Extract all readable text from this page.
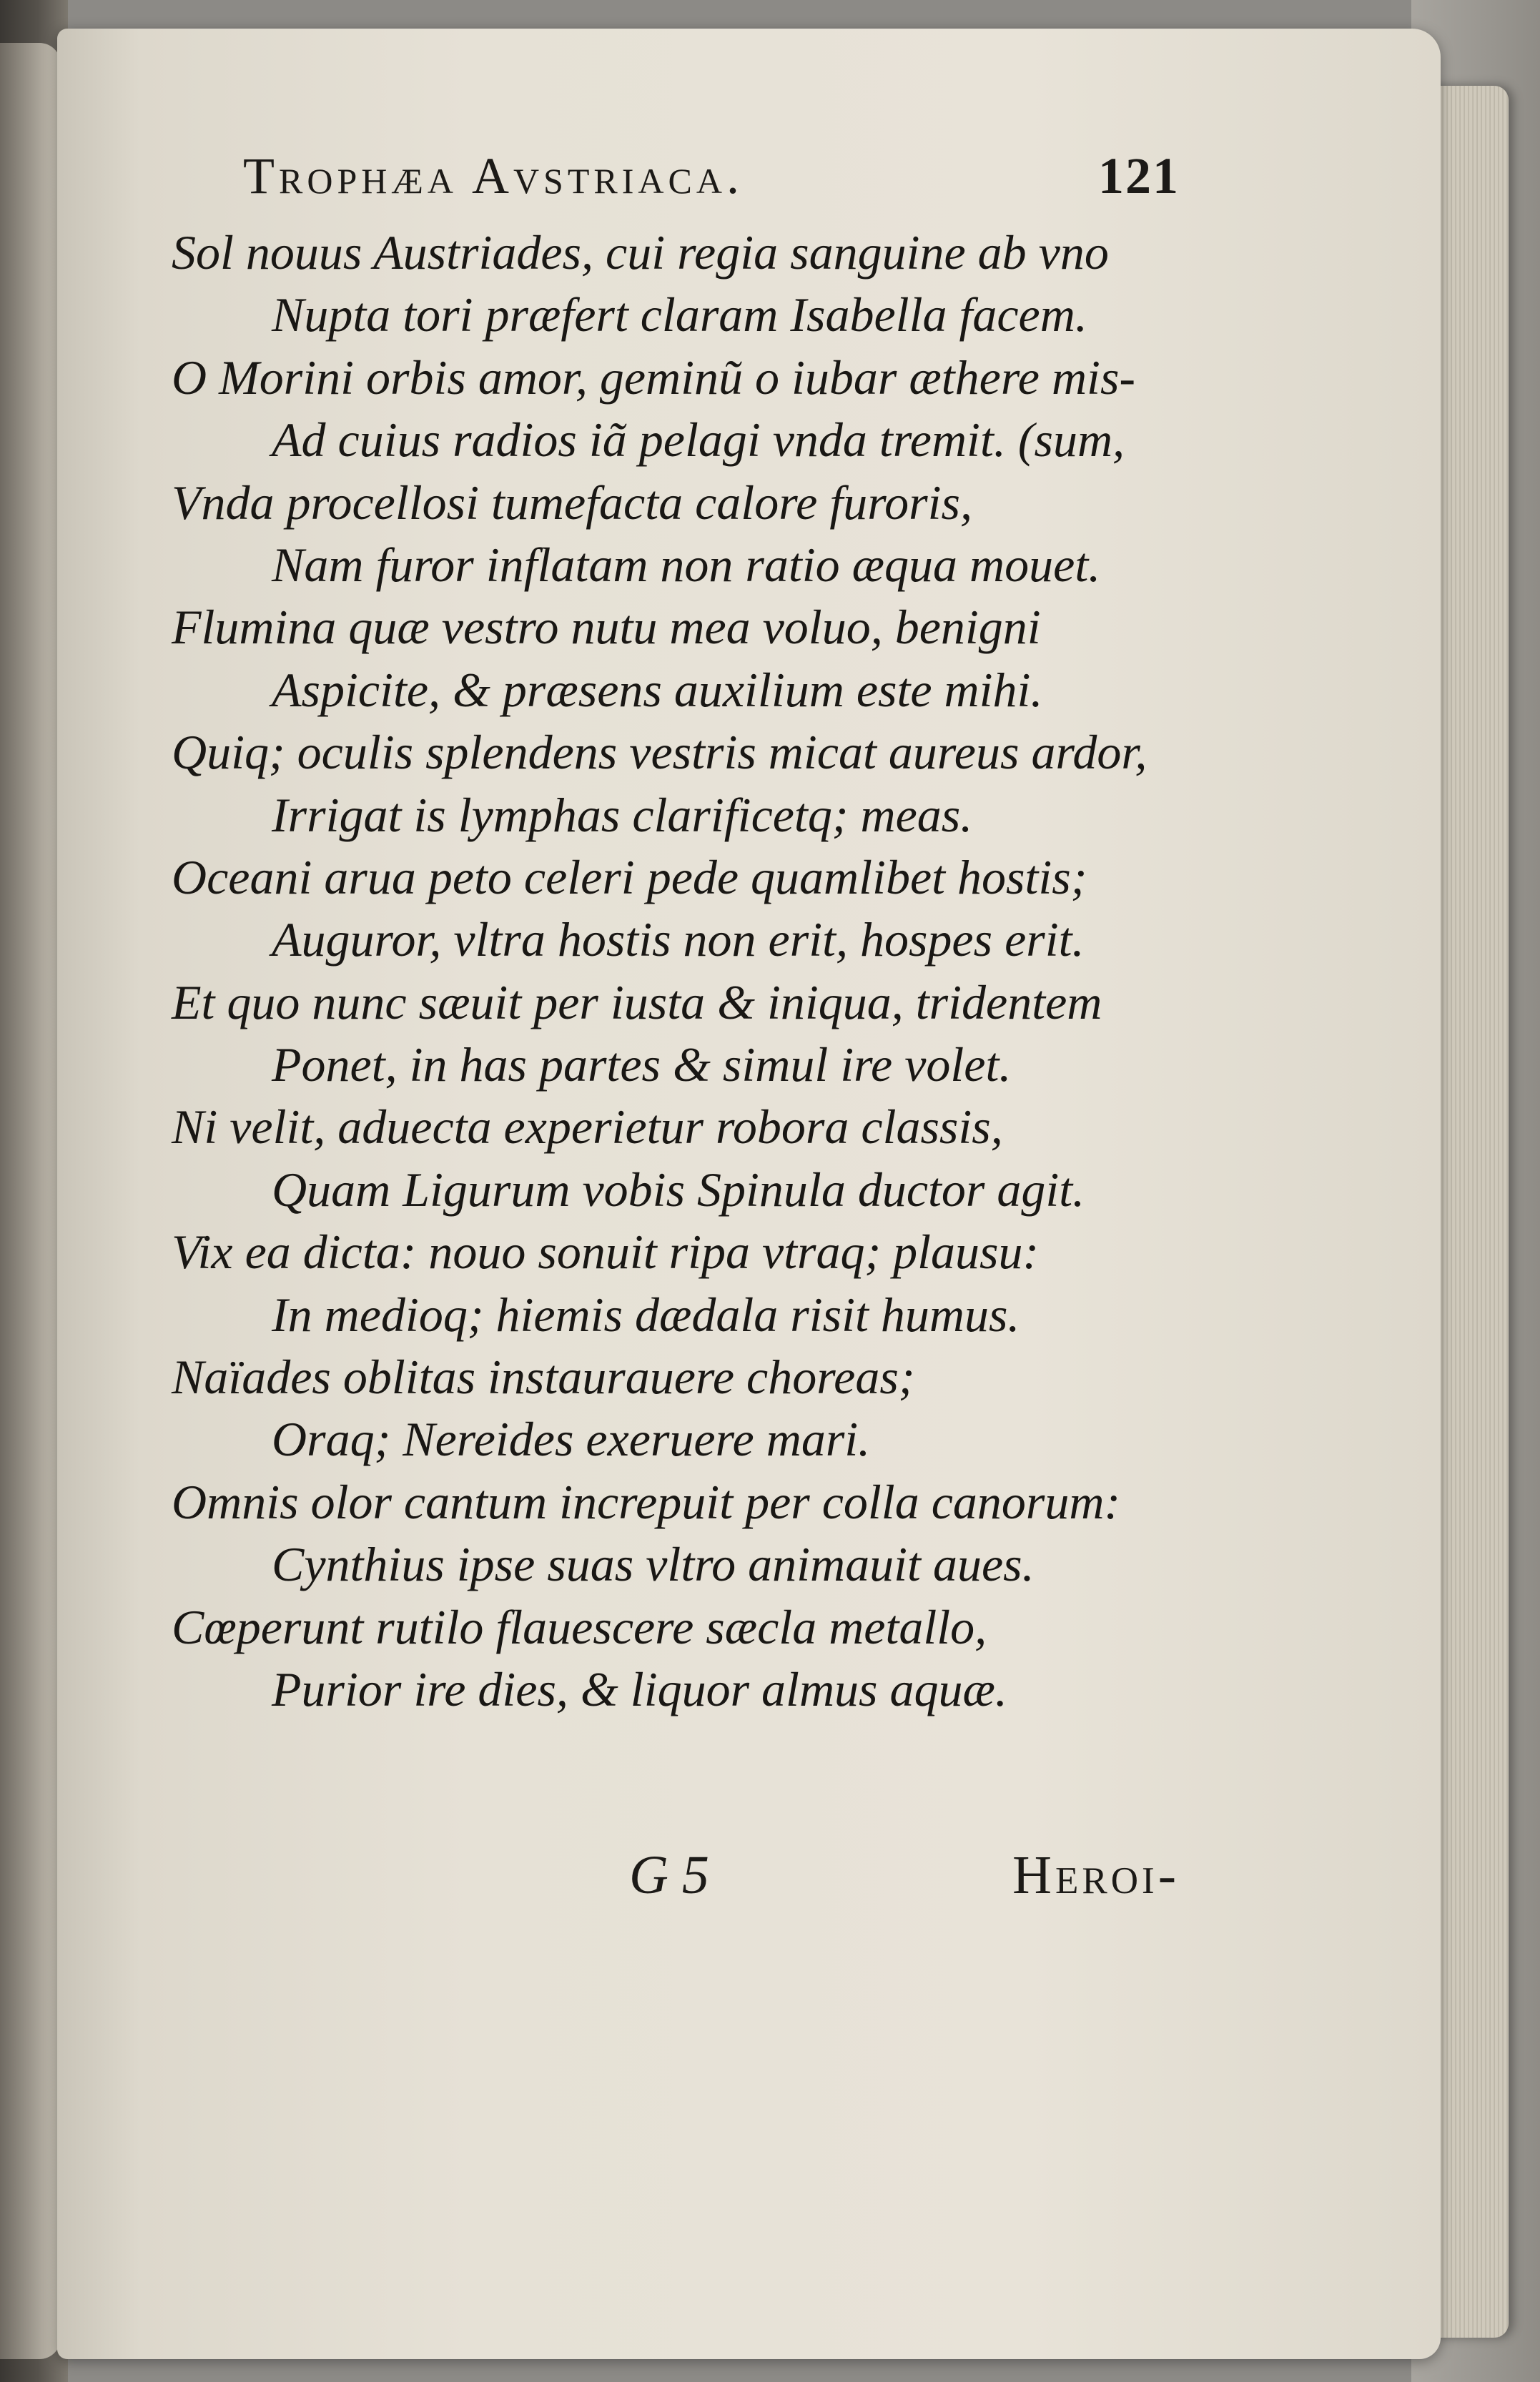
Trophæa Avstriaca.	121
Sol nouus Austriades, cui regia sanguine ab vno
Nupta tori præfert claram Isabella facem.
O Morini orbis amor, geminũ o iubar æthere mis-
Ad cuius radios iã pelagi vnda tremit. (sum,
Vnda procellosi tumefacta calore furoris,
Nam furor inflatam non ratio æqua mouet.
Flumina quæ vestro nutu mea voluo, benigni
Aspicite, & præsens auxilium este mihi.
Quiq; oculis splendens vestris micat aureus ardor,
Irrigat is lymphas clarificetq; meas.
Oceani arua peto celeri pede quamlibet hostis;
Auguror, vltra hostis non erit, hospes erit.
Et quo nunc sæuit per iusta & iniqua, tridentem
Ponet, in has partes & simul ire volet.
Ni velit, aduecta experietur robora classis,
Quam Ligurum vobis Spinula ductor agit.
Vix ea dicta: nouo sonuit ripa vtraq; plausu:
In medioq; hiemis dædala risit humus.
Naïades oblitas instaurauere choreas;
Oraq; Nereides exeruere mari.
Omnis olor cantum increpuit per colla canorum:
Cynthius ipse suas vltro animauit aues.
Cœperunt rutilo flauescere sæcla metallo,
Purior ire dies, & liquor almus aquæ.
G 5	Heroi-
